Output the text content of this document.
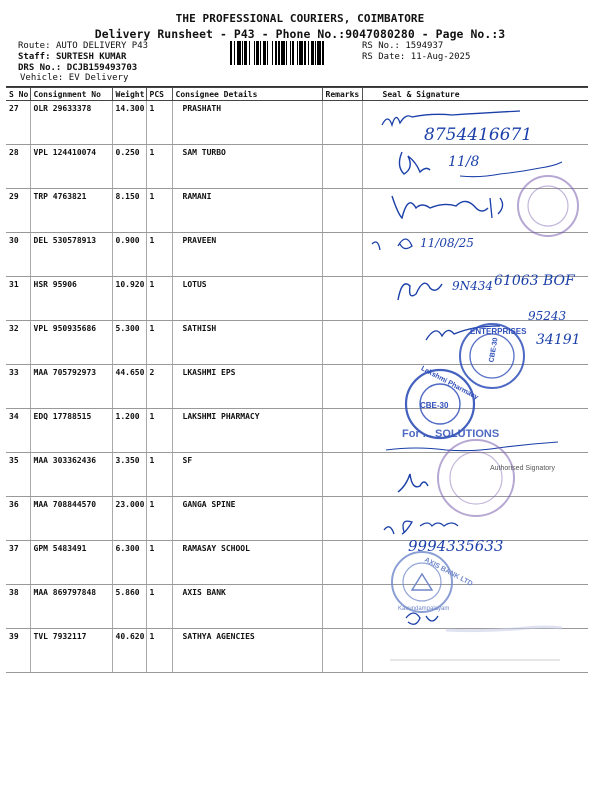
THE PROFESSIONAL COURIERS, COIMBATORE
Delivery Runsheet - P43 - Phone No.:9047080280 - Page No.:3
Route: AUTO DELIVERY P43
Staff: SURTESH KUMAR
DRS No.: DCJB159493703
RS No.: 1594937
RS Date: 11-Aug-2025
Vehicle: EV Delivery
S No	Consignment No	Weight	PCS	Consignee Details	Remarks	Seal & Signature
27	OLR 29633378	14.300	1	PRASHATH		
28	VPL 124410074	0.250	1	SAM TURBO		
29	TRP 4763821	8.150	1	RAMANI		
30	DEL 530578913	0.900	1	PRAVEEN		
31	HSR 95906	10.920	1	LOTUS		
32	VPL 950935686	5.300	1	SATHISH		
33	MAA 705792973	44.650	2	LKASHMI EPS		
34	EDQ 17788515	1.200	1	LAKSHMI PHARMACY		
35	MAA 303362436	3.350	1	SF		
36	MAA 708844570	23.000	1	GANGA SPINE		
37	GPM 5483491	6.300	1	RAMASAY SCHOOL		
38	MAA 869797848	5.860	1	AXIS BANK		
39	TVL 7932117	40.620	1	SATHYA AGENCIES		
8754416671
11/8
11/08/25
9N434 61063 BOF
95243
34191
ENTERPRISES
CBE-30
CBE-30
Lakshmi Pharmacy
For ... SOLUTIONS
Authorised Signatory
9994335633
AXIS BANK LTD
Kavundampalayam
